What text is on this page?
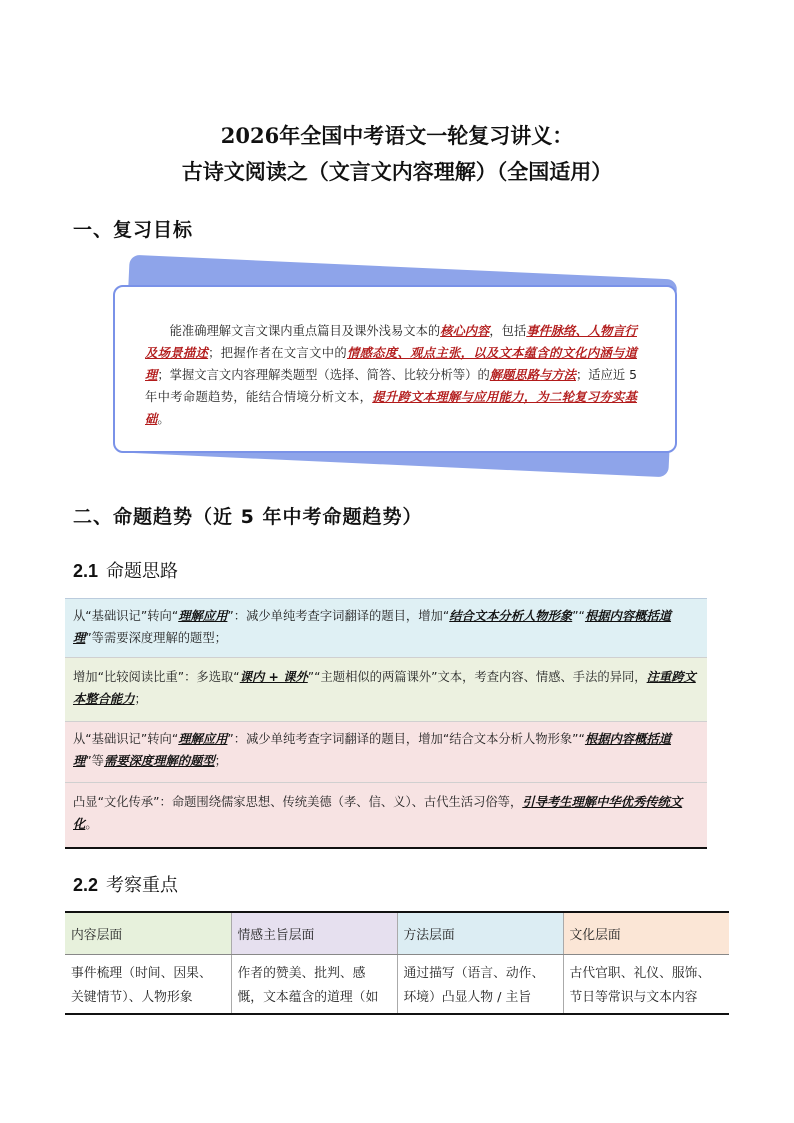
2026年全国中考语文一轮复习讲义：
古诗文阅读之（文言文内容理解）（全国适用）
一、复习目标
能准确理解文言文课内重点篇目及课外浅易文本的核心内容，包括事件脉络、人物言行及场景描述；把握作者在文言文中的情感态度、观点主张，以及文本蕴含的文化内涵与道理；掌握文言文内容理解类题型（选择、简答、比较分析等）的解题思路与方法；适应近 5 年中考命题趋势，能结合情境分析文本，提升跨文本理解与应用能力，为二轮复习夯实基础。
二、命题趋势（近 5 年中考命题趋势）
2.1 命题思路
从“基础识记”转向“理解应用”：减少单纯考查字词翻译的题目，增加“结合文本分析人物形象”“根据内容概括道理”等需要深度理解的题型；
增加“比较阅读比重”：多选取“课内 + 课外”“主题相似的两篇课外”文本，考查内容、情感、手法的异同，注重跨文本整合能力；
从“基础识记”转向“理解应用”：减少单纯考查字词翻译的题目，增加“结合文本分析人物形象”“根据内容概括道理”等需要深度理解的题型；
凸显“文化传承”：命题围绕儒家思想、传统美德（孝、信、义）、古代生活习俗等，引导考生理解中华优秀传统文化。
2.2 考察重点
内容层面	情感主旨层面	方法层面	文化层面
事件梳理（时间、因果、关键情节）、人物形象	作者的赞美、批判、感慨，文本蕴含的道理（如	通过描写（语言、动作、环境）凸显人物 / 主旨	古代官职、礼仪、服饰、节日等常识与文本内容
